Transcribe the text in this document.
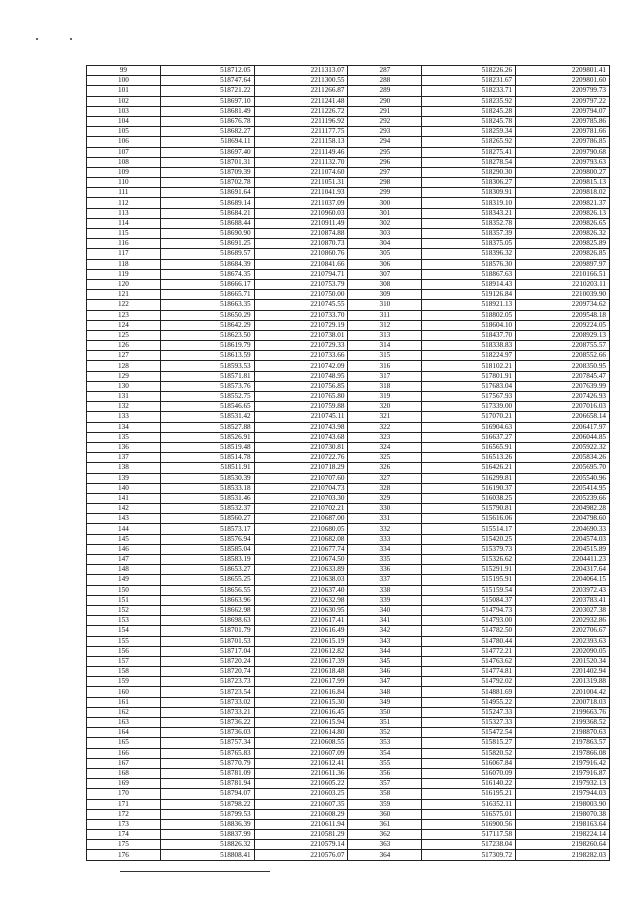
99	518712.05	2211313.07	287	518226.26	2209801.41
100	518747.64	2211300.55	288	518231.67	2209801.60
101	518721.22	2211266.87	289	518233.71	2209799.73
102	518697.10	2211241.48	290	518235.92	2209797.22
103	518681.49	2211226.72	291	518245.28	2209794.07
104	518676.78	2211196.92	292	518245.78	2209785.86
105	518682.27	2211177.75	293	518259.34	2209781.66
106	518694.11	2211158.13	294	518265.92	2209786.85
107	518697.40	2211149.46	295	518275.41	2209790.68
108	518701.31	2211132.70	296	518278.54	2209793.63
109	518709.39	2211074.60	297	518290.30	2209800.27
110	518702.78	2211051.31	298	518306.27	2209815.13
111	518691.64	2211041.93	299	518309.91	2209818.02
112	518689.14	2211037.09	300	518319.10	2209821.37
113	518684.21	2210960.03	301	518343.21	2209826.13
114	518688.44	2210911.49	302	518352.78	2209826.65
115	518690.90	2210874.88	303	518357.39	2209826.32
116	518691.25	2210870.73	304	518375.05	2209825.89
117	518689.57	2210860.76	305	518396.32	2209826.85
118	518684.39	2210841.66	306	518576.30	2209897.97
119	518674.35	2210794.71	307	518867.63	2210166.51
120	518666.17	2210753.79	308	518914.43	2210203.11
121	518665.71	2210750.00	309	519126.84	2210039.90
122	518663.35	2210745.55	310	518921.13	2209734.62
123	518650.29	2210733.70	311	518802.05	2209548.18
124	518642.29	2210729.19	312	518604.10	2209224.05
125	518623.50	2210738.01	313	518437.70	2208929.13
126	518619.79	2210729.33	314	518338.83	2208755.57
127	518613.59	2210733.66	315	518224.97	2208552.66
128	518593.53	2210742.09	316	518102.21	2208350.95
129	518571.81	2210748.95	317	517801.91	2207845.47
130	518573.76	2210756.85	318	517683.04	2207639.99
131	518552.75	2210765.80	319	517567.93	2207426.93
132	518546.65	2210759.88	320	517339.00	2207016.03
133	518531.42	2210745.11	321	517070.21	2206658.14
134	518527.88	2210743.98	322	516904.63	2206417.97
135	518526.91	2210743.68	323	516637.27	2206044.85
136	518519.48	2210730.81	324	516565.91	2205922.32
137	518514.78	2210722.76	325	516513.26	2205834.26
138	518511.91	2210718.29	326	516426.21	2205695.70
139	518530.39	2210707.60	327	516299.81	2205540.96
140	518533.18	2210704.73	328	516190.37	2205414.95
141	518531.46	2210703.30	329	516038.25	2205239.66
142	518532.37	2210702.21	330	515790.81	2204982.28
143	518560.27	2210687.00	331	515616.06	2204798.60
144	518573.17	2210680.05	332	515514.17	2204690.33
145	518576.94	2210682.08	333	515420.25	2204574.03
146	518585.04	2210677.74	334	515379.73	2204515.89
147	518583.19	2210674.50	335	515326.62	2204411.23
148	518653.27	2210633.89	336	515291.91	2204317.64
149	518655.25	2210638.03	337	515195.91	2204064.15
150	518656.55	2210637.40	338	515159.54	2203972.43
151	518663.96	2210632.98	339	515084.37	2203783.41
152	518662.98	2210630.95	340	514794.73	2203027.38
153	518698.63	2210617.41	341	514793.00	2202932.86
154	518701.79	2210616.49	342	514782.50	2202706.67
155	518701.53	2210615.19	343	514780.44	2202393.63
156	518717.04	2210612.82	344	514772.21	2202090.05
157	518720.24	2210617.39	345	514763.62	2201520.34
158	518720.74	2210618.48	346	514774.81	2201402.94
159	518723.73	2210617.99	347	514792.02	2201319.88
160	518723.54	2210616.84	348	514881.69	2201004.42
161	518733.02	2210615.30	349	514955.22	2200718.03
162	518733.21	2210616.45	350	515247.33	2199663.76
163	518736.22	2210615.94	351	515327.33	2199368.52
164	518736.03	2210614.80	352	515472.54	2198870.63
165	518757.34	2210608.55	353	515815.27	2197863.57
166	518765.83	2210607.09	354	515820.52	2197866.08
167	518770.79	2210612.41	355	516067.84	2197916.42
168	518781.09	2210611.36	356	516070.09	2197916.87
169	518781.94	2210605.22	357	516140.22	2197932.13
170	518794.07	2210603.25	358	516195.21	2197944.03
171	518798.22	2210607.35	359	516352.11	2198003.90
172	518799.53	2210608.29	360	516575.01	2198070.38
173	518836.39	2210611.94	361	516900.56	2198163.64
174	518837.99	2210581.29	362	517117.58	2198224.14
175	518826.32	2210579.14	363	517238.04	2198260.64
176	518808.41	2210576.07	364	517309.72	2198282.03
